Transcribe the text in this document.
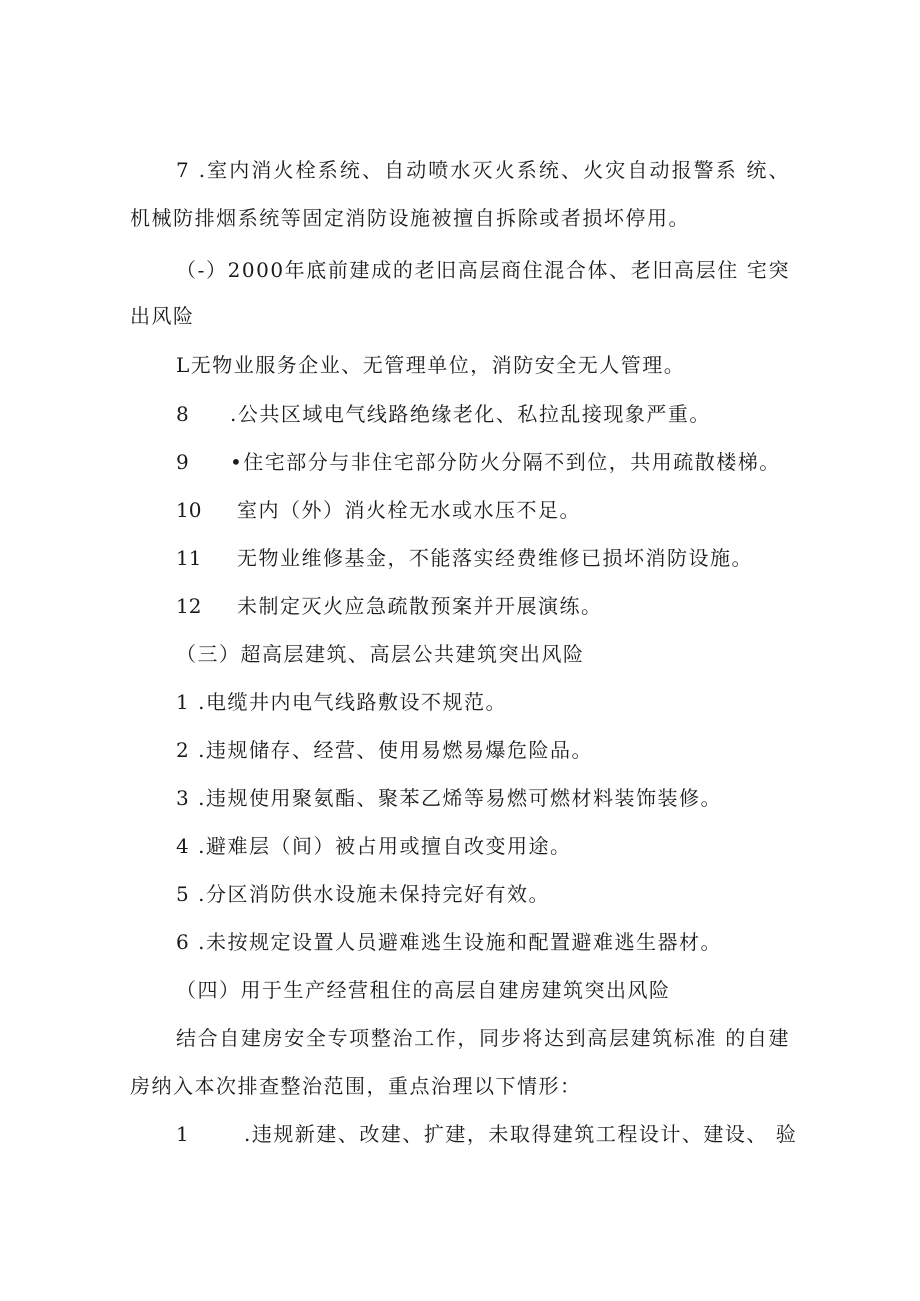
7 .室内消火栓系统、自动喷水灭火系统、火灾自动报警系 统、
机械防排烟系统等固定消防设施被擅自拆除或者损坏停用。
（-）2000年底前建成的老旧高层商住混合体、老旧高层住 宅突
出风险
L无物业服务企业、无管理单位，消防安全无人管理。
8 .公共区域电气线路绝缘老化、私拉乱接现象严重。
9 •住宅部分与非住宅部分防火分隔不到位，共用疏散楼梯。
10 室内（外）消火栓无水或水压不足。
11 无物业维修基金，不能落实经费维修已损坏消防设施。
12 未制定灭火应急疏散预案并开展演练。
（三）超高层建筑、高层公共建筑突出风险
1 .电缆井内电气线路敷设不规范。
2 .违规储存、经营、使用易燃易爆危险品。
3 .违规使用聚氨酯、聚苯乙烯等易燃可燃材料装饰装修。
4 .避难层（间）被占用或擅自改变用途。
5 .分区消防供水设施未保持完好有效。
6 .未按规定设置人员避难逃生设施和配置避难逃生器材。
（四）用于生产经营租住的高层自建房建筑突出风险
结合自建房安全专项整治工作，同步将达到高层建筑标准 的自建
房纳入本次排查整治范围，重点治理以下情形：
1	.违规新建、改建、扩建，未取得建筑工程设计、建设、 验
